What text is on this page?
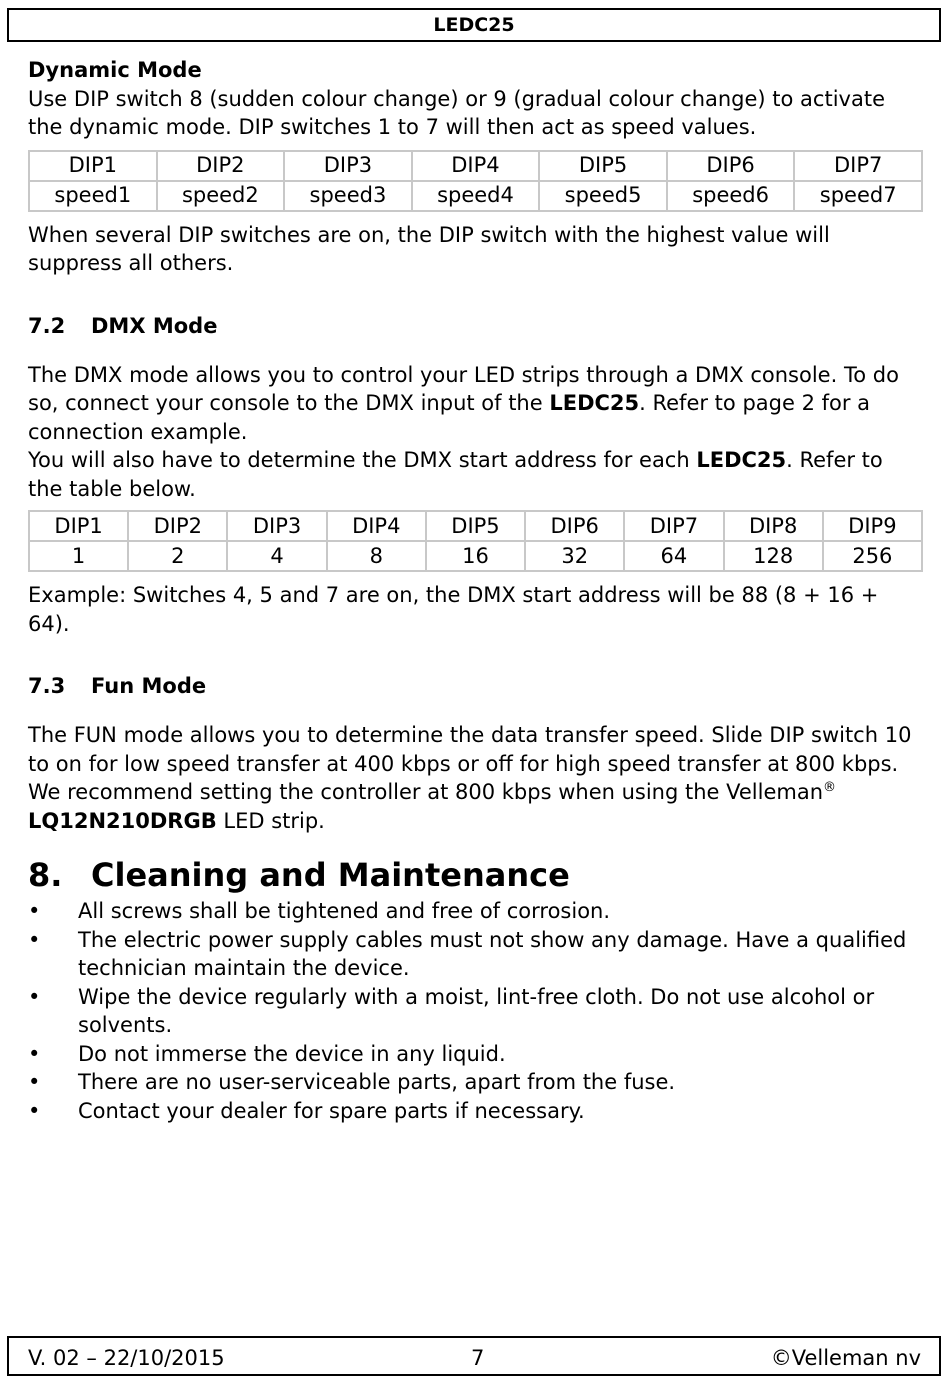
LEDC25
Dynamic Mode

Use DIP switch 8 (sudden colour change) or 9 (gradual colour change) to activate the dynamic mode. DIP switches 1 to 7 will then act as speed values.

DIP1	DIP2	DIP3	DIP4	DIP5	DIP6	DIP7
speed1	speed2	speed3	speed4	speed5	speed6	speed7

When several DIP switches are on, the DIP switch with the highest value will suppress all others.

7.2 DMX Mode

The DMX mode allows you to control your LED strips through a DMX console. To do so, connect your console to the DMX input of the LEDC25. Refer to page 2 for a connection example.

You will also have to determine the DMX start address for each LEDC25. Refer to the table below.

DIP1	DIP2	DIP3	DIP4	DIP5	DIP6	DIP7	DIP8	DIP9
1	2	4	8	16	32	64	128	256

Example: Switches 4, 5 and 7 are on, the DMX start address will be 88 (8 + 16 + 64).

7.3 Fun Mode

The FUN mode allows you to determine the data transfer speed. Slide DIP switch 10 to on for low speed transfer at 400 kbps or off for high speed transfer at 800 kbps. We recommend setting the controller at 800 kbps when using the Velleman® LQ12N210DRGB LED strip.

8. Cleaning and Maintenance
• All screws shall be tightened and free of corrosion.
• The electric power supply cables must not show any damage. Have a qualified technician maintain the device.
• Wipe the device regularly with a moist, lint-free cloth. Do not use alcohol or solvents.
• Do not immerse the device in any liquid.
• There are no user-serviceable parts, apart from the fuse.
• Contact your dealer for spare parts if necessary.
V. 02 – 22/10/2015	7	©Velleman nv
